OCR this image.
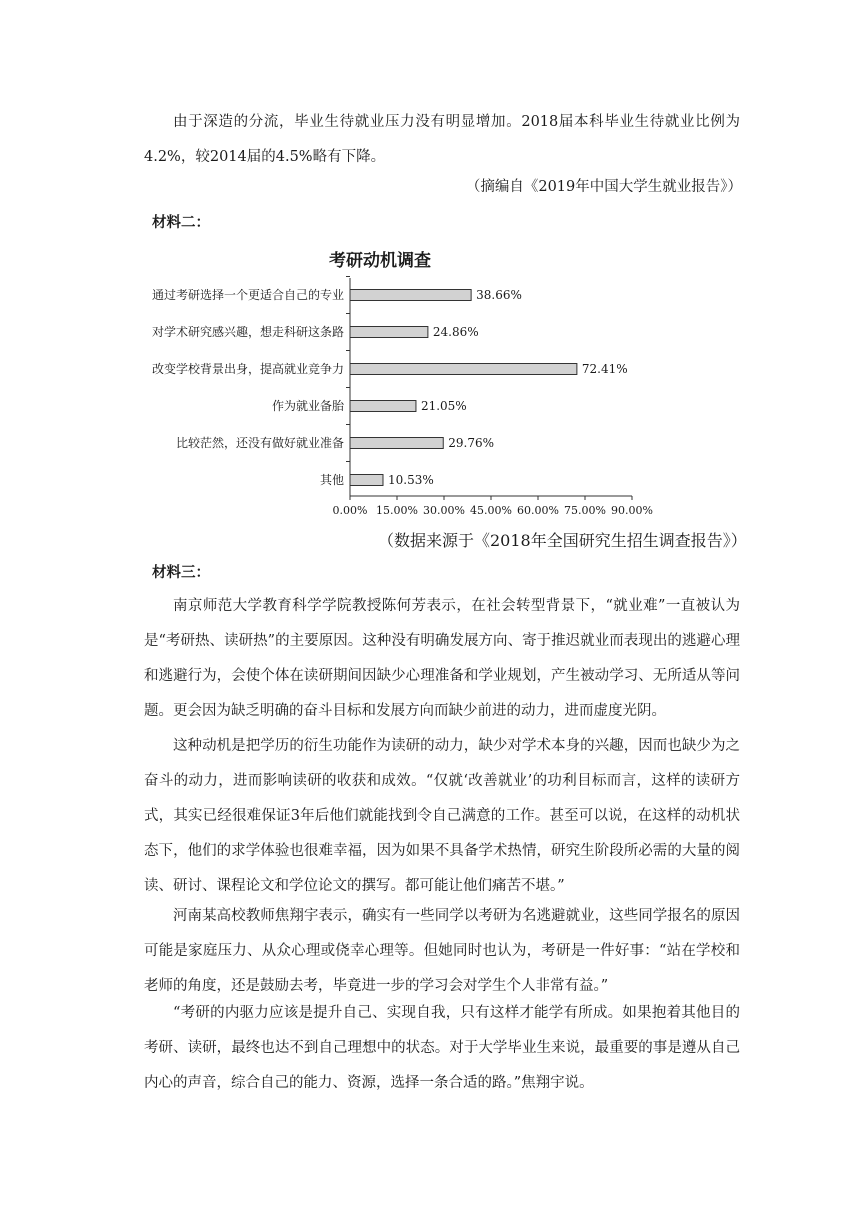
由于深造的分流，毕业生待就业压力没有明显增加。2018届本科毕业生待就业比例为4.2%，较2014届的4.5%略有下降。

（摘编自《2019年中国大学生就业报告》）

材料二：

考研动机调查

通过考研选择一个更适合自己的专业	38.66%
对学术研究感兴趣，想走科研这条路	24.86%
改变学校背景出身，提高就业竞争力	72.41%
作为就业备胎	21.05%
比较茫然，还没有做好就业准备	29.76%
其他	10.53%
0.00% 15.00% 30.00% 45.00% 60.00% 75.00% 90.00%

（数据来源于《2018年全国研究生招生调查报告》）

材料三：

南京师范大学教育科学学院教授陈何芳表示，在社会转型背景下，“就业难”一直被认为是“考研热、读研热”的主要原因。这种没有明确发展方向、寄于推迟就业而表现出的逃避心理和逃避行为，会使个体在读研期间因缺少心理准备和学业规划，产生被动学习、无所适从等问题。更会因为缺乏明确的奋斗目标和发展方向而缺少前进的动力，进而虚度光阴。

这种动机是把学历的衍生功能作为读研的动力，缺少对学术本身的兴趣，因而也缺少为之奋斗的动力，进而影响读研的收获和成效。“仅就‘改善就业’的功利目标而言，这样的读研方式，其实已经很难保证3年后他们就能找到令自己满意的工作。甚至可以说，在这样的动机状态下，他们的求学体验也很难幸福，因为如果不具备学术热情，研究生阶段所必需的大量的阅读、研讨、课程论文和学位论文的撰写。都可能让他们痛苦不堪。”

河南某高校教师焦翔宇表示，确实有一些同学以考研为名逃避就业，这些同学报名的原因可能是家庭压力、从众心理或侥幸心理等。但她同时也认为，考研是一件好事：“站在学校和老师的角度，还是鼓励去考，毕竟进一步的学习会对学生个人非常有益。”

“考研的内驱力应该是提升自己、实现自我，只有这样才能学有所成。如果抱着其他目的考研、读研，最终也达不到自己理想中的状态。对于大学毕业生来说，最重要的事是遵从自己内心的声音，综合自己的能力、资源，选择一条合适的路。”焦翔宇说。
